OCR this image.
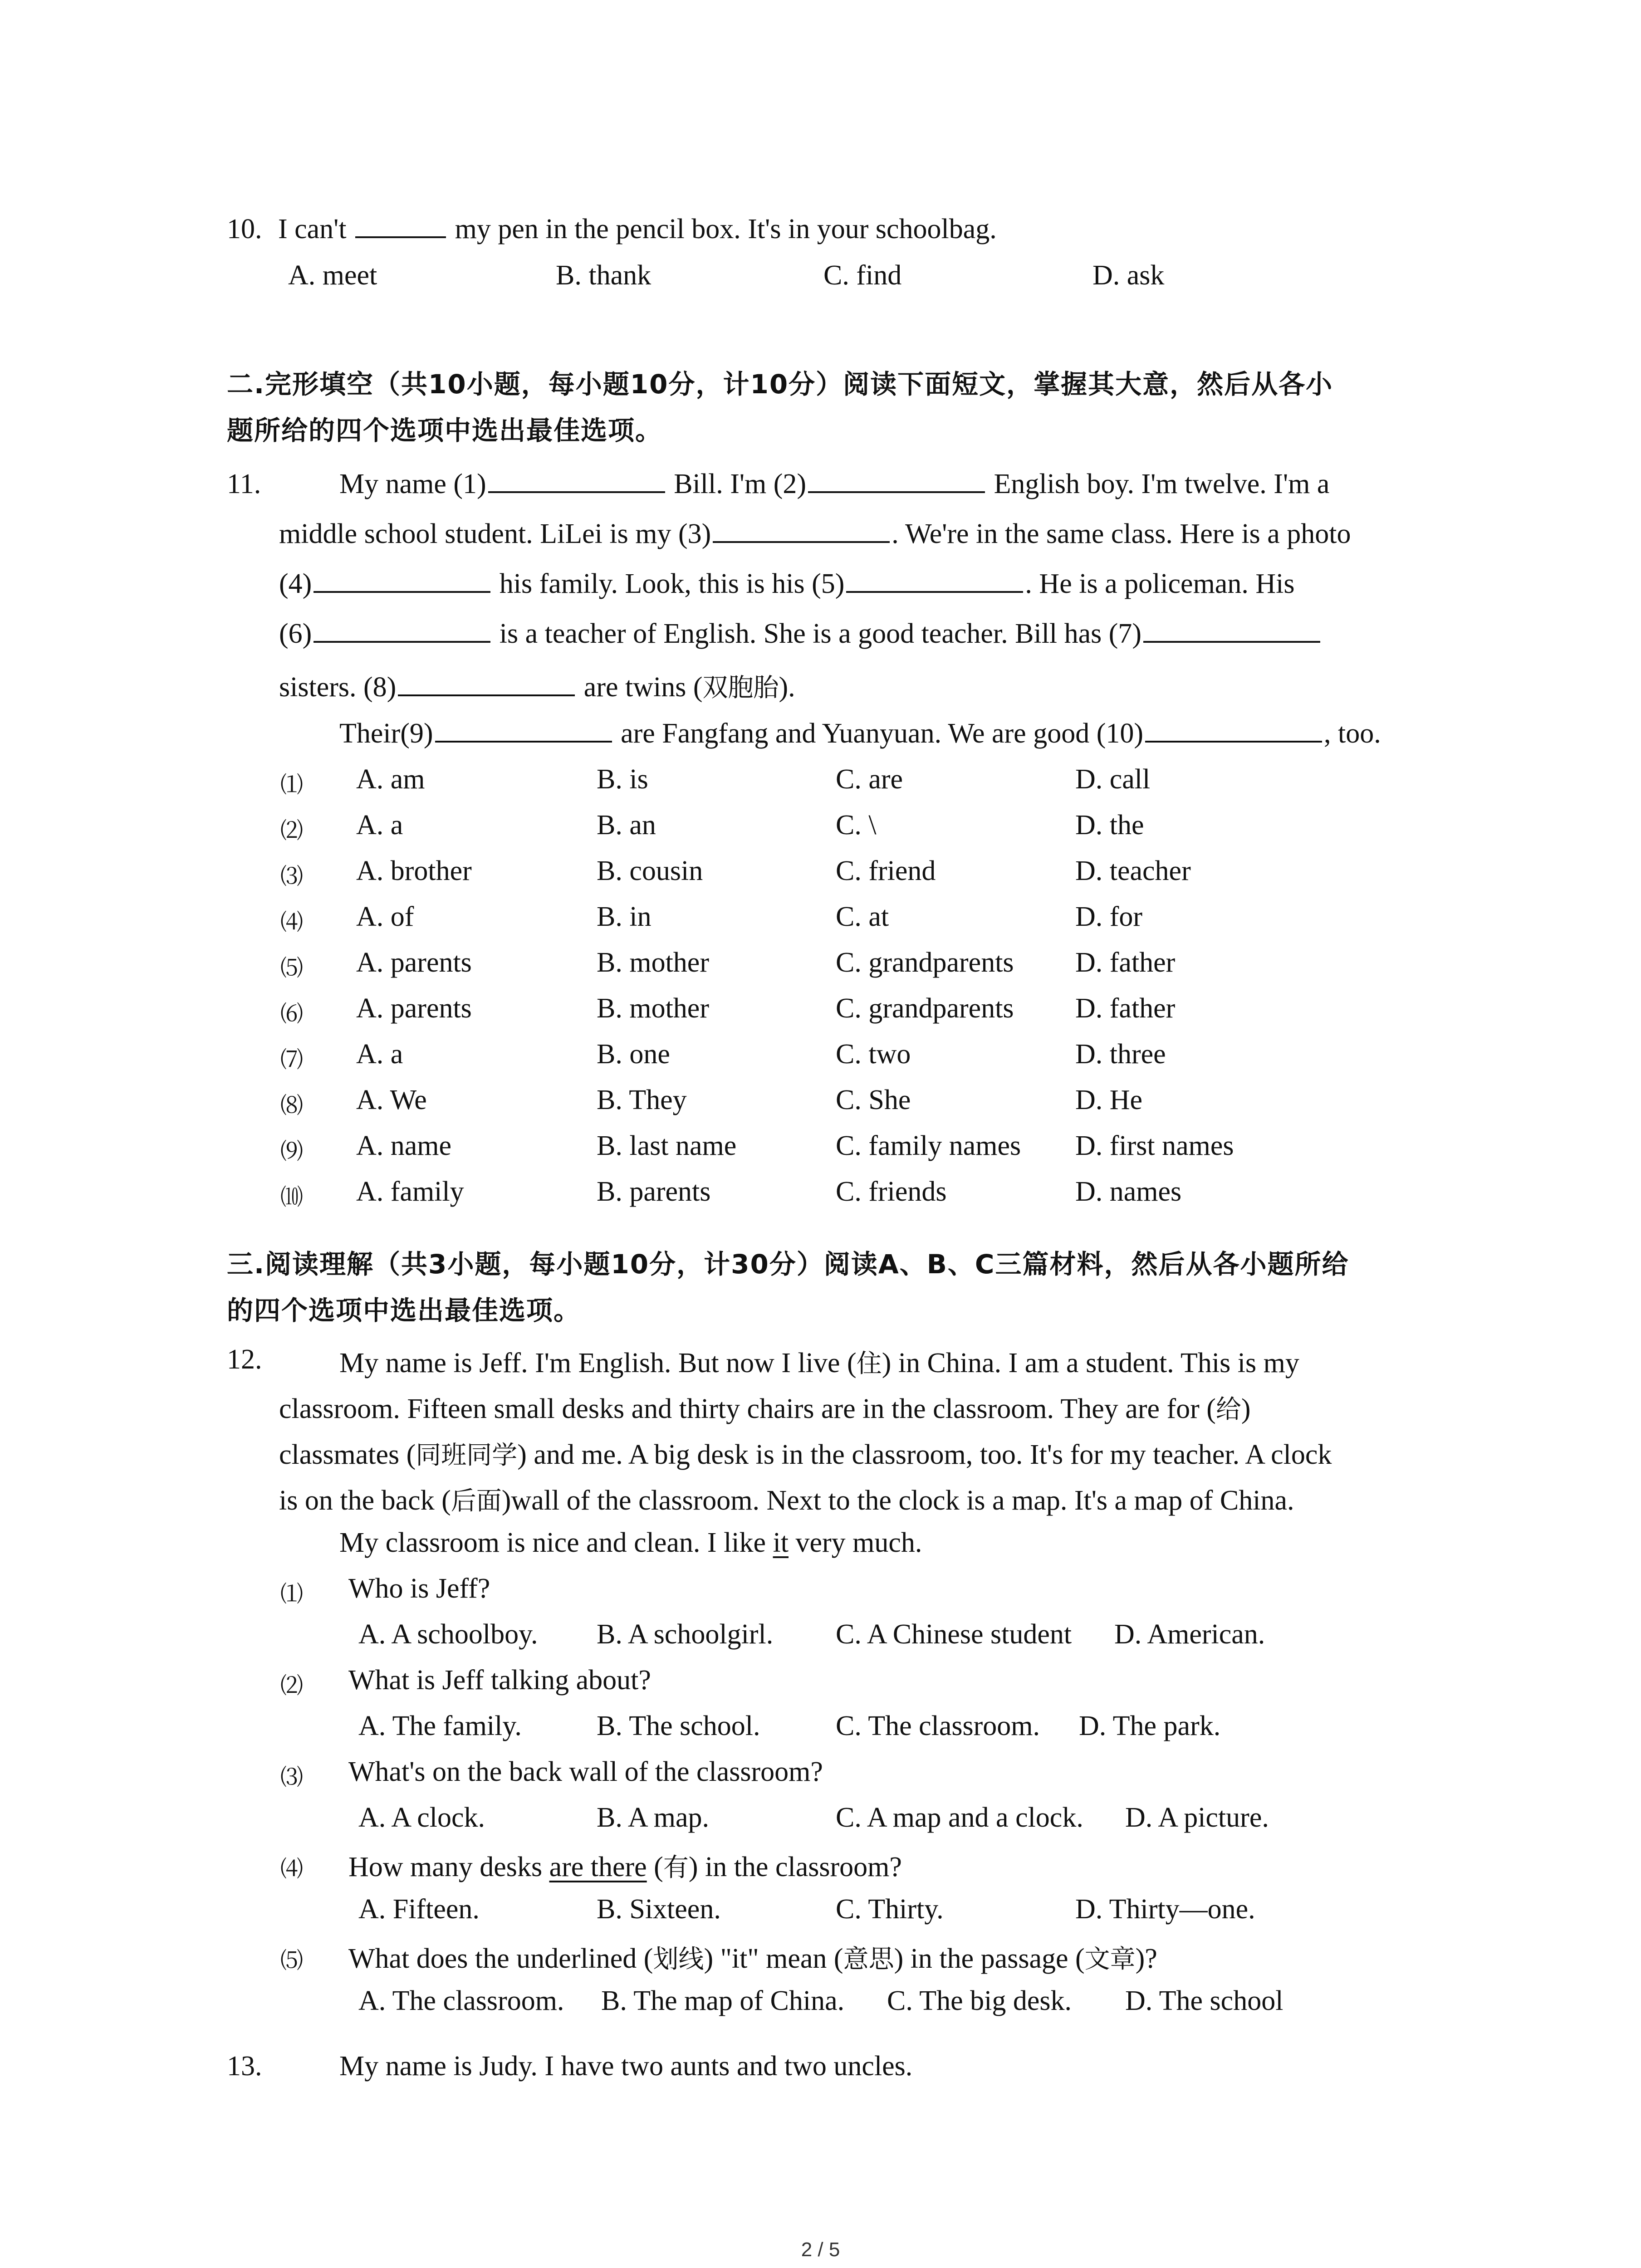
10. I can't	my pen in the pencil box. It's in your schoolbag.
A. meet	B. thank	C. find	D. ask
二.完形填空（共10小题，每小题10分，计10分）阅读下面短文，掌握其大意，然后从各小
题所给的四个选项中选出最佳选项。
11.	My name (1)	Bill. I'm (2)	English boy. I'm twelve. I'm a
middle school student. LiLei is my (3)	. We're in the same class. Here is a photo
(4)	his family. Look, this is his (5)	. He is a policeman. His
(6)	is a teacher of English. She is a good teacher. Bill has (7)
sisters. (8)	are twins (双胞胎).
Their(9)	are Fangfang and Yuanyuan. We are good (10)	, too.
⑴ A. am	B. is	C. are	D. call
⑵ A. a	B. an	C. \	D. the
⑶ A. brother	B. cousin	C. friend	D. teacher
⑷ A. of	B. in	C. at	D. for
⑸ A. parents	B. mother	C. grandparents D. father
⑹ A. parents	B. mother	C. grandparents D. father
⑺ A. a	B. one	C. two	D. three
⑻ A. We	B. They	C. She	D. He
⑼ A. name	B. last name	C. family names D. first names
⑽ A. family	B. parents	C. friends	D. names
三.阅读理解（共3小题，每小题10分，计30分）阅读A、B、C三篇材料，然后从各小题所给
的四个选项中选出最佳选项。
12.	My name is Jeff. I'm English. But now I live (住) in China. I am a student. This is my
classroom. Fifteen small desks and thirty chairs are in the classroom. They are for (给)
classmates (同班同学) and me. A big desk is in the classroom, too. It's for my teacher. A clock
is on the back (后面)wall of the classroom. Next to the clock is a map. It's a map of China.
My classroom is nice and clean. I like it very much.
⑴ Who is Jeff?
A. A schoolboy. B. A schoolgirl. C. A Chinese student D. American.
⑵ What is Jeff talking about?
A. The family.	B. The school.	C. The classroom. D. The park.
⑶ What's on the back wall of the classroom?
A. A clock.	B. A map.	C. A map and a clock. D. A picture.
⑷ How many desks are there (有) in the classroom?
A. Fifteen.	B. Sixteen.	C. Thirty.	D. Thirty—one.
⑸ What does the underlined (划线) "it" mean (意思) in the passage (文章)?
A. The classroom. B. The map of China. C. The big desk. D. The school
13.	My name is Judy. I have two aunts and two uncles.
2 / 5
